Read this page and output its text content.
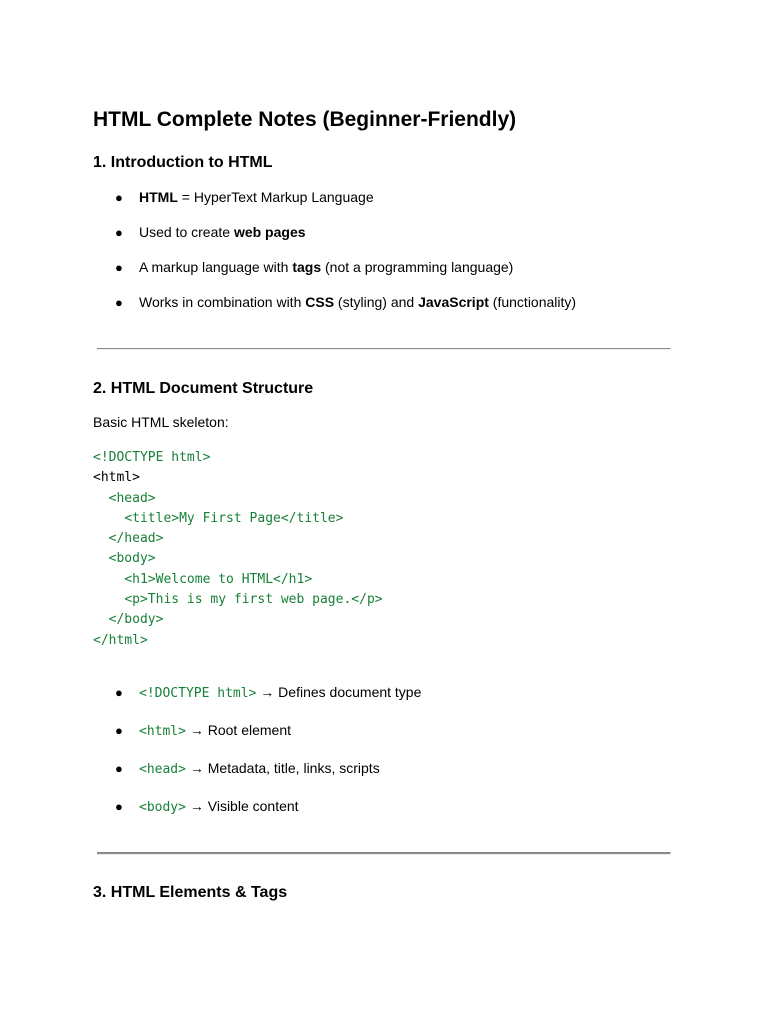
HTML Complete Notes (Beginner-Friendly)
1. Introduction to HTML
● HTML = HyperText Markup Language
● Used to create web pages
● A markup language with tags (not a programming language)
● Works in combination with CSS (styling) and JavaScript (functionality)
2. HTML Document Structure
Basic HTML skeleton:
<!DOCTYPE html>
<html>
<head>
<title>My First Page</title>
</head>
<body>
<h1>Welcome to HTML</h1>
<p>This is my first web page.</p>
</body>
</html>
● <!DOCTYPE html> → Defines document type
● <html> → Root element
● <head> → Metadata, title, links, scripts
● <body> → Visible content
3. HTML Elements & Tags
